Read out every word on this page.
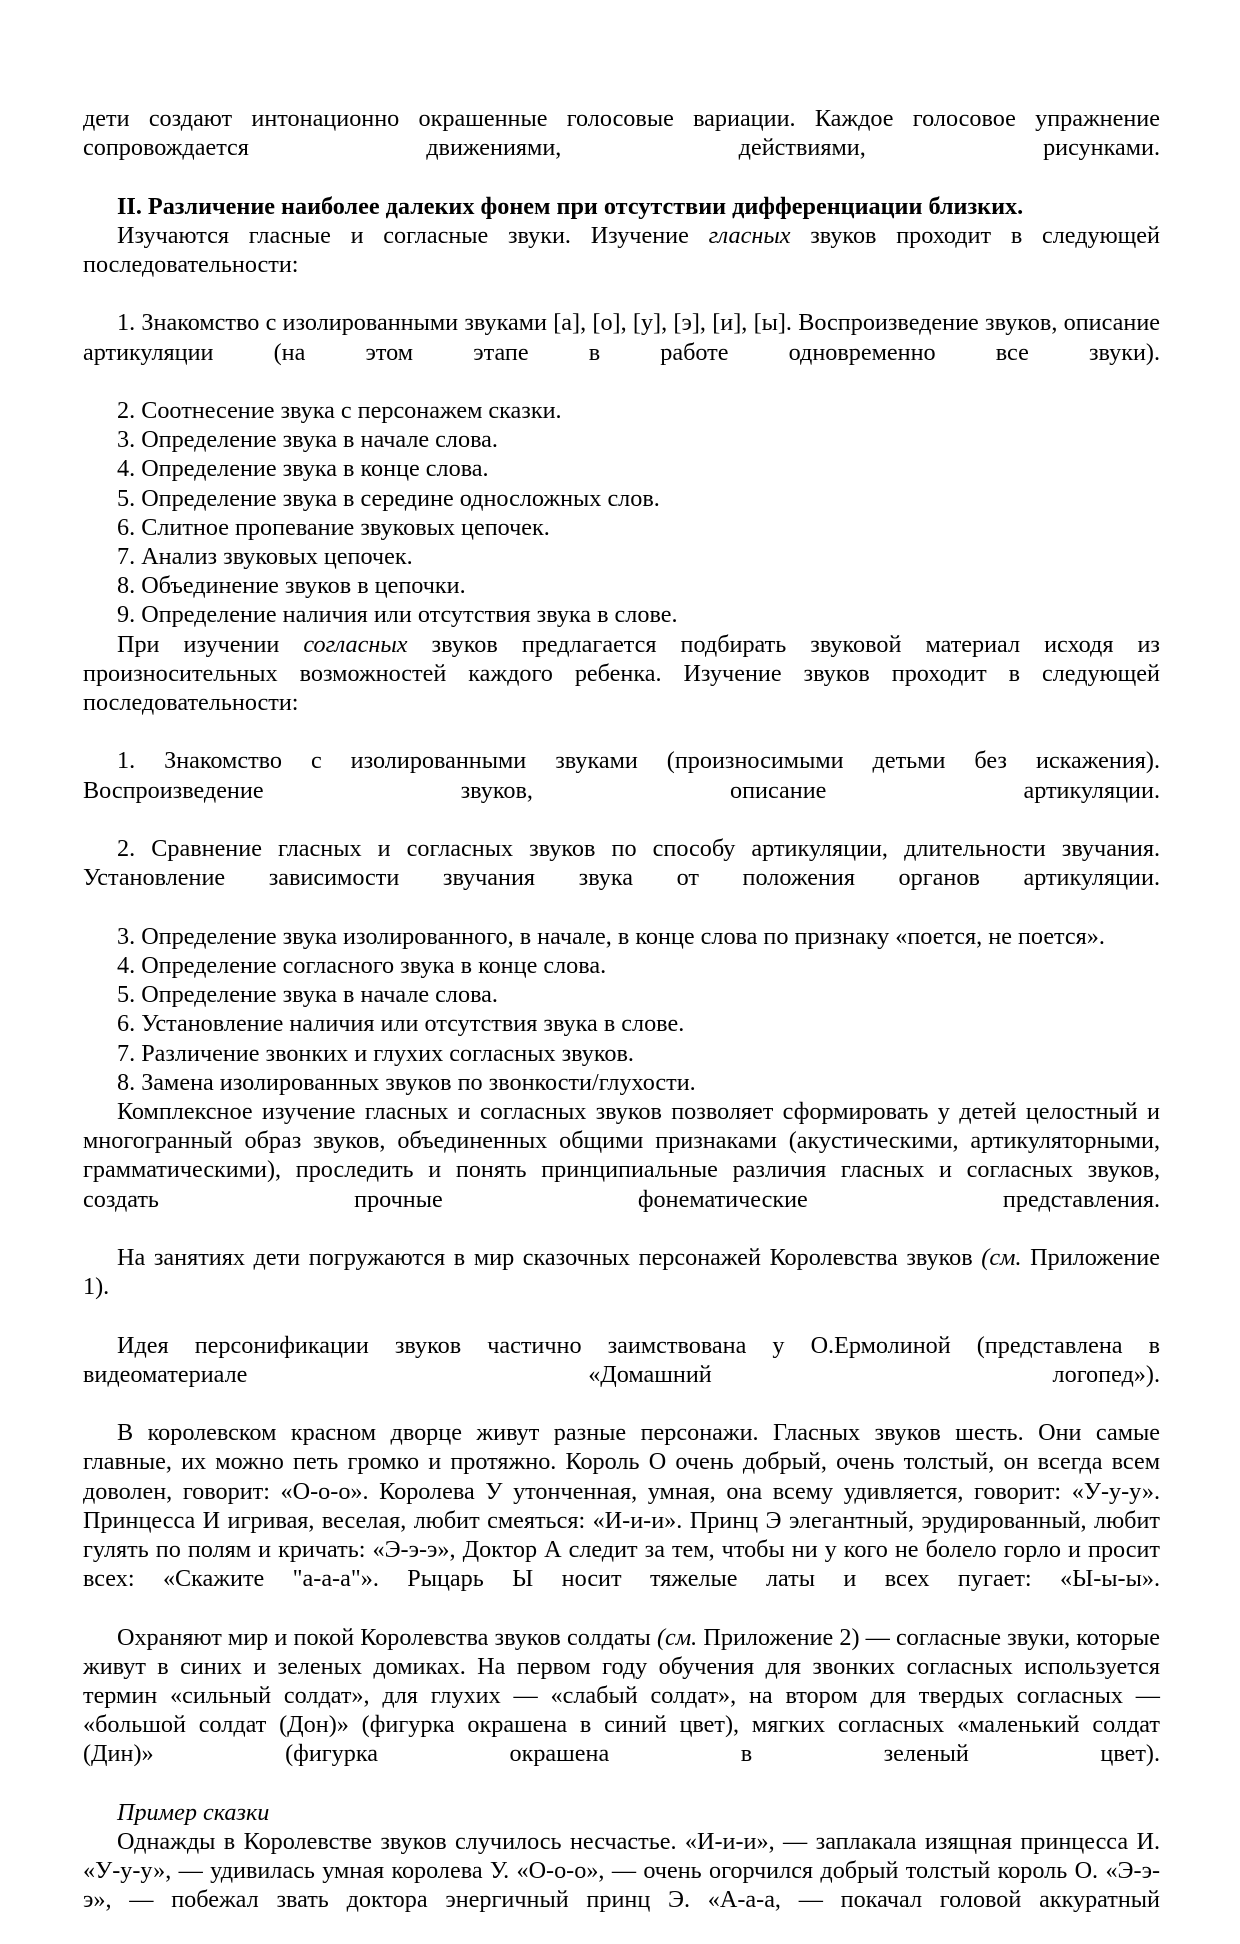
дети создают интонационно окрашенные голосовые вариации. Каждое голосовое упражнение сопровождается движениями, действиями, рисунками.

II. Различение наиболее далеких фонем при отсутствии дифференциации близких.

Изучаются гласные и согласные звуки. Изучение гласных звуков проходит в следующей последовательности:

1. Знакомство с изолированными звуками [а], [о], [у], [э], [и], [ы]. Воспроизведение звуков, описание артикуляции (на этом этапе в работе одновременно все звуки).

2. Соотнесение звука с персонажем сказки.

3. Определение звука в начале слова.

4. Определение звука в конце слова.

5. Определение звука в середине односложных слов.

6. Слитное пропевание звуковых цепочек.

7. Анализ звуковых цепочек.

8. Объединение звуков в цепочки.

9. Определение наличия или отсутствия звука в слове.

При изучении согласных звуков предлагается подбирать звуковой материал исходя из произносительных возможностей каждого ребенка. Изучение звуков проходит в следующей последовательности:

1. Знакомство с изолированными звуками (произносимыми детьми без искажения). Воспроизведение звуков, описание артикуляции.

2. Сравнение гласных и согласных звуков по способу артикуляции, длительности звучания. Установление зависимости звучания звука от положения органов артикуляции.

3. Определение звука изолированного, в начале, в конце слова по признаку «поется, не поется».

4. Определение согласного звука в конце слова.

5. Определение звука в начале слова.

6. Установление наличия или отсутствия звука в слове.

7. Различение звонких и глухих согласных звуков.

8. Замена изолированных звуков по звонкости/глухости.

Комплексное изучение гласных и согласных звуков позволяет сформировать у детей целостный и многогранный образ звуков, объединенных общими признаками (акустическими, артикуляторными, грамматическими), проследить и понять принципиальные различия гласных и согласных звуков, создать прочные фонематические представления.

На занятиях дети погружаются в мир сказочных персонажей Королевства звуков (см. Приложение 1).

Идея персонификации звуков частично заимствована у О.Ермолиной (представлена в видеоматериале «Домашний логопед»).

В королевском красном дворце живут разные персонажи. Гласных звуков шесть. Они самые главные, их можно петь громко и протяжно. Король О очень добрый, очень толстый, он всегда всем доволен, говорит: «О-о-о». Королева У утонченная, умная, она всему удивляется, говорит: «У-у-у». Принцесса И игривая, веселая, любит смеяться: «И-и-и». Принц Э элегантный, эрудированный, любит гулять по полям и кричать: «Э-э-э», Доктор А следит за тем, чтобы ни у кого не болело горло и просит всех: «Скажите "а-а-а"». Рыцарь Ы носит тяжелые латы и всех пугает: «Ы-ы-ы».

Охраняют мир и покой Королевства звуков солдаты (см. Приложение 2) — согласные звуки, которые живут в синих и зеленых домиках. На первом году обучения для звонких согласных используется термин «сильный солдат», для глухих — «слабый солдат», на втором для твердых согласных — «большой солдат (Дон)» (фигурка окрашена в синий цвет), мягких согласных «маленький солдат (Дин)» (фигурка окрашена в зеленый цвет).

Пример сказки

Однажды в Королевстве звуков случилось несчастье. «И-и-и», — заплакала изящная принцесса И. «У-у-у», — удивилась умная королева У. «О-о-о», — очень огорчился добрый толстый король О. «Э-э-э», — побежал звать доктора энергичный принц Э. «А-а-а, — покачал головой аккуратный
